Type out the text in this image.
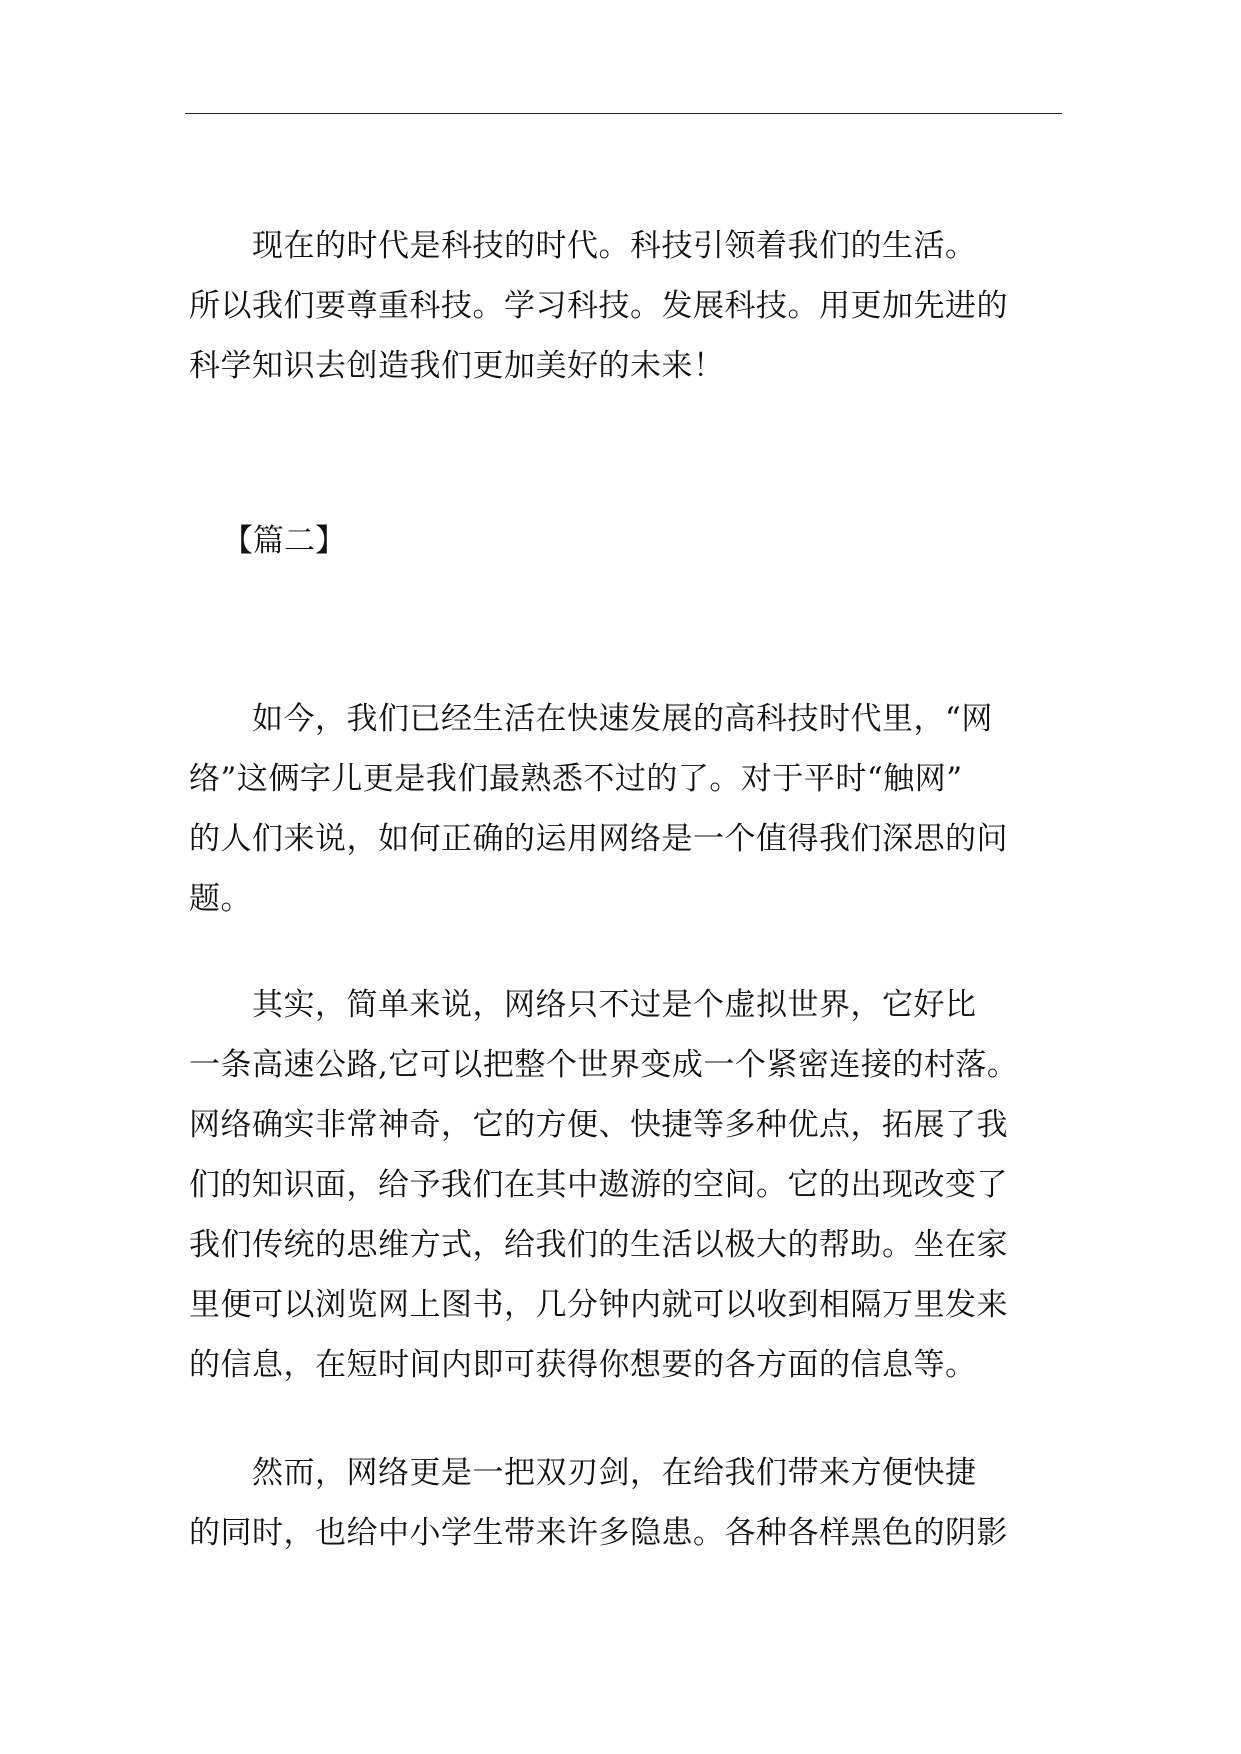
　　现在的时代是科技的时代。科技引领着我们的生活。
所以我们要尊重科技。学习科技。发展科技。用更加先进的
科学知识去创造我们更加美好的未来！
【篇二】
　　如今，我们已经生活在快速发展的高科技时代里，“网
络”这俩字儿更是我们最熟悉不过的了。对于平时“触网”
的人们来说，如何正确的运用网络是一个值得我们深思的问
题。
　　其实，简单来说，网络只不过是个虚拟世界，它好比
一条高速公路,它可以把整个世界变成一个紧密连接的村落。
网络确实非常神奇，它的方便、快捷等多种优点，拓展了我
们的知识面，给予我们在其中遨游的空间。它的出现改变了
我们传统的思维方式，给我们的生活以极大的帮助。坐在家
里便可以浏览网上图书，几分钟内就可以收到相隔万里发来
的信息，在短时间内即可获得你想要的各方面的信息等。
　　然而，网络更是一把双刃剑，在给我们带来方便快捷
的同时，也给中小学生带来许多隐患。各种各样黑色的阴影
